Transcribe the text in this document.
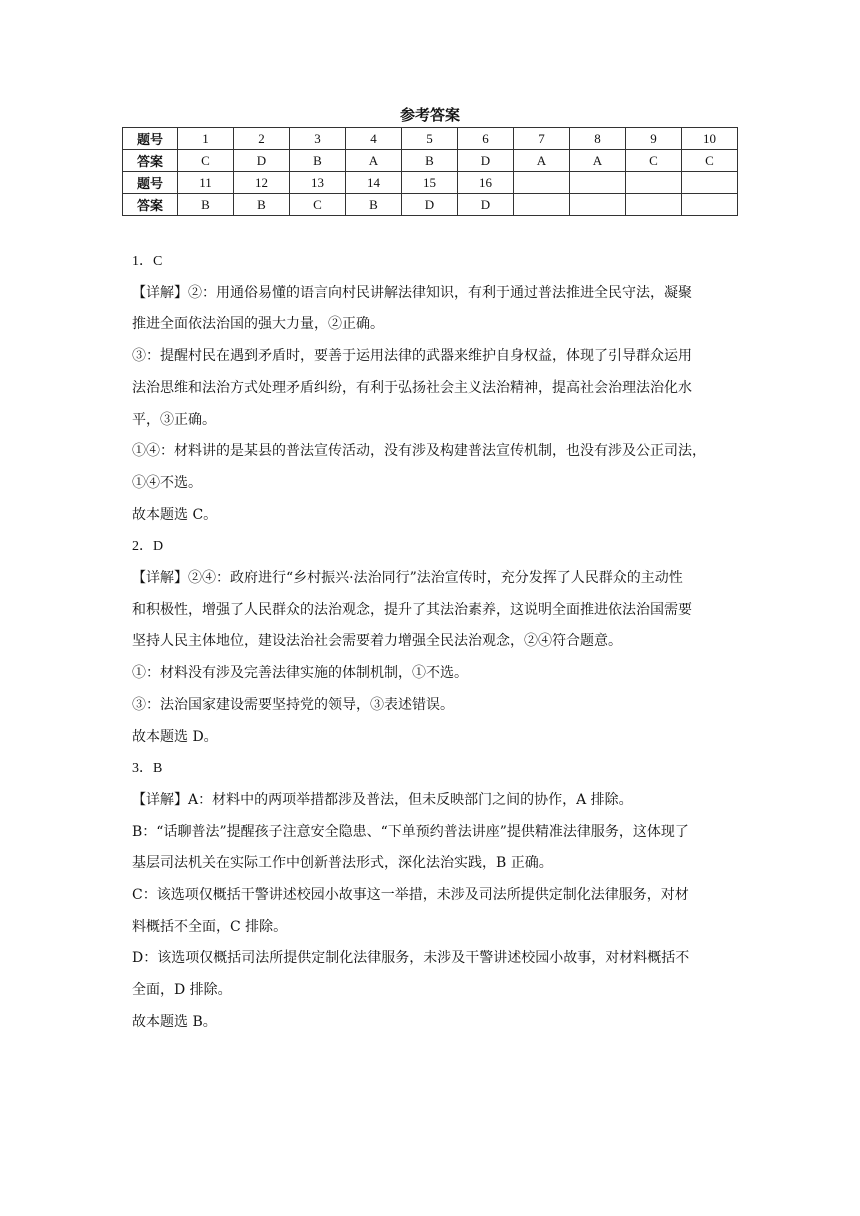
参考答案
题号	1	2	3	4	5	6	7	8	9	10
答案	C	D	B	A	B	D	A	A	C	C
题号	11	12	13	14	15	16				
答案	B	B	C	B	D	D				

1．C

【详解】②：用通俗易懂的语言向村民讲解法律知识，有利于通过普法推进全民守法，凝聚

推进全面依法治国的强大力量，②正确。

③：提醒村民在遇到矛盾时，要善于运用法律的武器来维护自身权益，体现了引导群众运用

法治思维和法治方式处理矛盾纠纷，有利于弘扬社会主义法治精神，提高社会治理法治化水

平，③正确。

①④：材料讲的是某县的普法宣传活动，没有涉及构建普法宣传机制，也没有涉及公正司法，

①④不选。

故本题选 C。

2．D

【详解】②④：政府进行“乡村振兴·法治同行”法治宣传时，充分发挥了人民群众的主动性

和积极性，增强了人民群众的法治观念，提升了其法治素养，这说明全面推进依法治国需要

坚持人民主体地位，建设法治社会需要着力增强全民法治观念，②④符合题意。

①：材料没有涉及完善法律实施的体制机制，①不选。

③：法治国家建设需要坚持党的领导，③表述错误。

故本题选 D。

3．B

【详解】A：材料中的两项举措都涉及普法，但未反映部门之间的协作，A 排除。

B：“话聊普法”提醒孩子注意安全隐患、“下单预约普法讲座”提供精准法律服务，这体现了

基层司法机关在实际工作中创新普法形式，深化法治实践，B 正确。

C：该选项仅概括干警讲述校园小故事这一举措，未涉及司法所提供定制化法律服务，对材

料概括不全面，C 排除。

D：该选项仅概括司法所提供定制化法律服务，未涉及干警讲述校园小故事，对材料概括不

全面，D 排除。

故本题选 B。
